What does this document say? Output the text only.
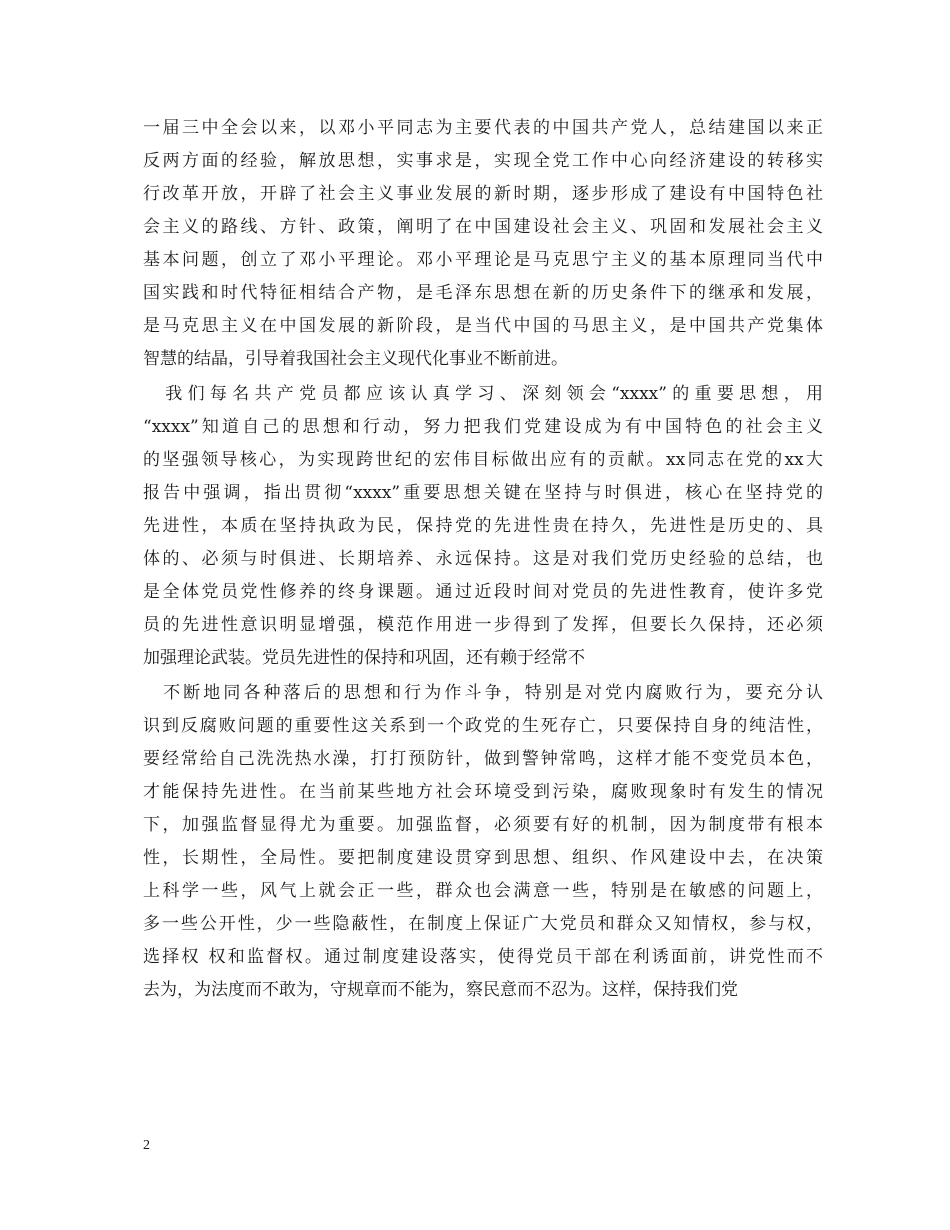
一届三中全会以来，以邓小平同志为主要代表的中国共产党人，总结建国以来正
反两方面的经验，解放思想，实事求是，实现全党工作中心向经济建设的转移实
行改革开放，开辟了社会主义事业发展的新时期，逐步形成了建设有中国特色社
会主义的路线、方针、政策，阐明了在中国建设社会主义、巩固和发展社会主义
基本问题，创立了邓小平理论。邓小平理论是马克思宁主义的基本原理同当代中
国实践和时代特征相结合产物，是毛泽东思想在新的历史条件下的继承和发展，
是马克思主义在中国发展的新阶段，是当代中国的马思主义，是中国共产党集体
智慧的结晶，引导着我国社会主义现代化事业不断前进。
　我们每名共产党员都应该认真学习、深刻领会“xxxx”的重要思想，用
“xxxx”知道自己的思想和行动，努力把我们党建设成为有中国特色的社会主义
的坚强领导核心，为实现跨世纪的宏伟目标做出应有的贡献。xx同志在党的xx大
报告中强调，指出贯彻“xxxx”重要思想关键在坚持与时俱进，核心在坚持党的
先进性，本质在坚持执政为民，保持党的先进性贵在持久，先进性是历史的、具
体的、必须与时俱进、长期培养、永远保持。这是对我们党历史经验的总结，也
是全体党员党性修养的终身课题。通过近段时间对党员的先进性教育，使许多党
员的先进性意识明显增强，模范作用进一步得到了发挥，但要长久保持，还必须
加强理论武装。党员先进性的保持和巩固，还有赖于经常不
　不断地同各种落后的思想和行为作斗争，特别是对党内腐败行为，要充分认
识到反腐败问题的重要性这关系到一个政党的生死存亡，只要保持自身的纯洁性，
要经常给自己洗洗热水澡，打打预防针，做到警钟常鸣，这样才能不变党员本色，
才能保持先进性。在当前某些地方社会环境受到污染，腐败现象时有发生的情况
下，加强监督显得尤为重要。加强监督，必须要有好的机制，因为制度带有根本
性，长期性，全局性。要把制度建设贯穿到思想、组织、作风建设中去，在决策
上科学一些，风气上就会正一些，群众也会满意一些，特别是在敏感的问题上，
多一些公开性，少一些隐蔽性，在制度上保证广大党员和群众又知情权，参与权，
选择权 权和监督权。通过制度建设落实，使得党员干部在利诱面前，讲党性而不
去为，为法度而不敢为，守规章而不能为，察民意而不忍为。这样，保持我们党
2
